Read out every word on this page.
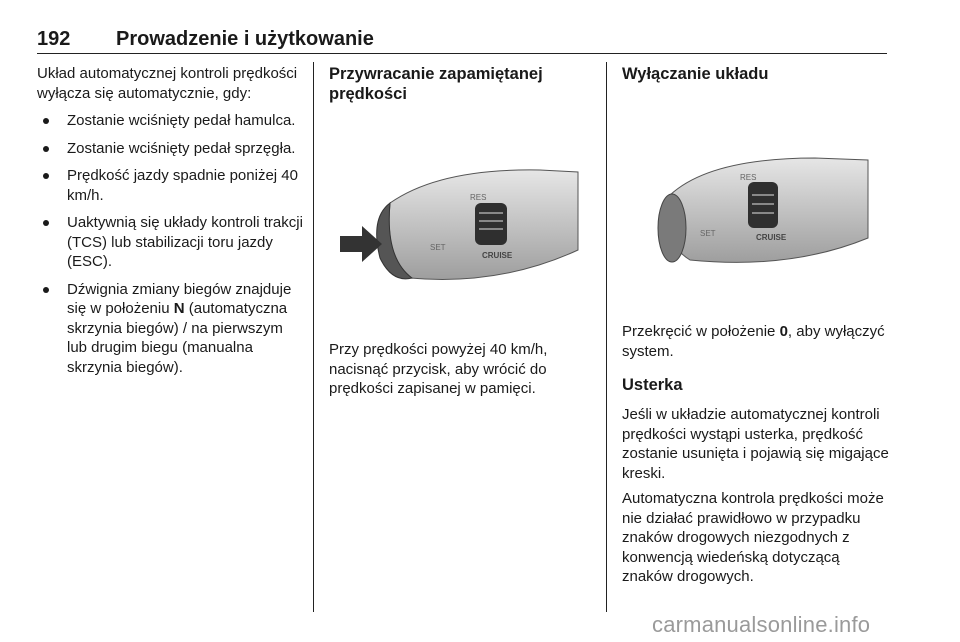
192 Prowadzenie i użytkowanie

Układ automatycznej kontroli prędkości wyłącza się automatycznie, gdy:

Zostanie wciśnięty pedał hamulca.
Zostanie wciśnięty pedał sprzęgła.
Prędkość jazdy spadnie poniżej 40 km/h.
Uaktywnią się układy kontroli trakcji (TCS) lub stabilizacji toru jazdy (ESC).
Dźwignia zmiany biegów znajduje się w położeniu N (automatyczna skrzynia biegów) / na pierwszym lub drugim biegu (manualna skrzynia biegów).

Przywracanie zapamiętanej prędkości

RES
SET
CRUISE

Przy prędkości powyżej 40 km/h, nacisnąć przycisk, aby wrócić do prędkości zapisanej w pamięci.

Wyłączanie układu

RES
SET	CRUISE

Przekręcić w położenie 0, aby wyłączyć system.

Usterka

Jeśli w układzie automatycznej kontroli prędkości wystąpi usterka, prędkość zostanie usunięta i pojawią się migające kreski.

Automatyczna kontrola prędkości może nie działać prawidłowo w przypadku znaków drogowych niezgodnych z konwencją wiedeńską dotyczącą znaków drogowych.

carmanualsonline.info
